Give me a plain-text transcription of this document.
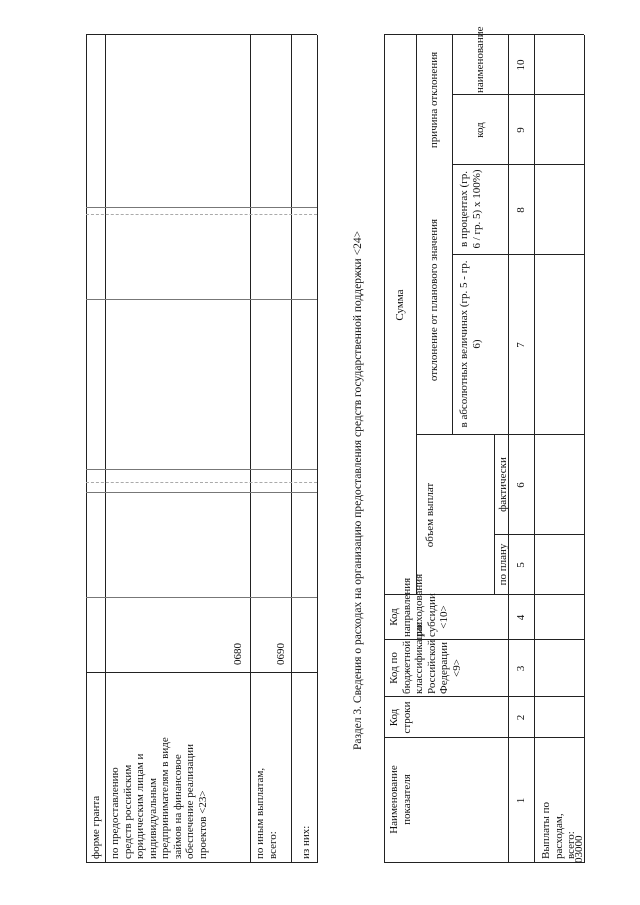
форме гранта по предоставлению средств российским юридическим лицам и индивидуальным предпринимателям в виде займов на финансовое обеспечение реализации проектов <23>
0680
по иным выплатам, всего:
0690
из них:
Раздел 3. Сведения о расходах на организацию предоставления средств государственной поддержки <24>
Наименование показателя
Код строки
Код по бюджетной классификации Российской Федерации <9>
Код направления расходования субсидии <10>
Сумма
объем выплат
отклонение от планового значения
причина отклонения
по плану
фактически
в абсолютных величинах (гр. 5 - гр. 6)
в процентах (гр. 6 / гр. 5) x 100%)
код
наименование
1
2
3
4
5
6
7
8
9
10
Выплаты по расходам, всего:
03000
